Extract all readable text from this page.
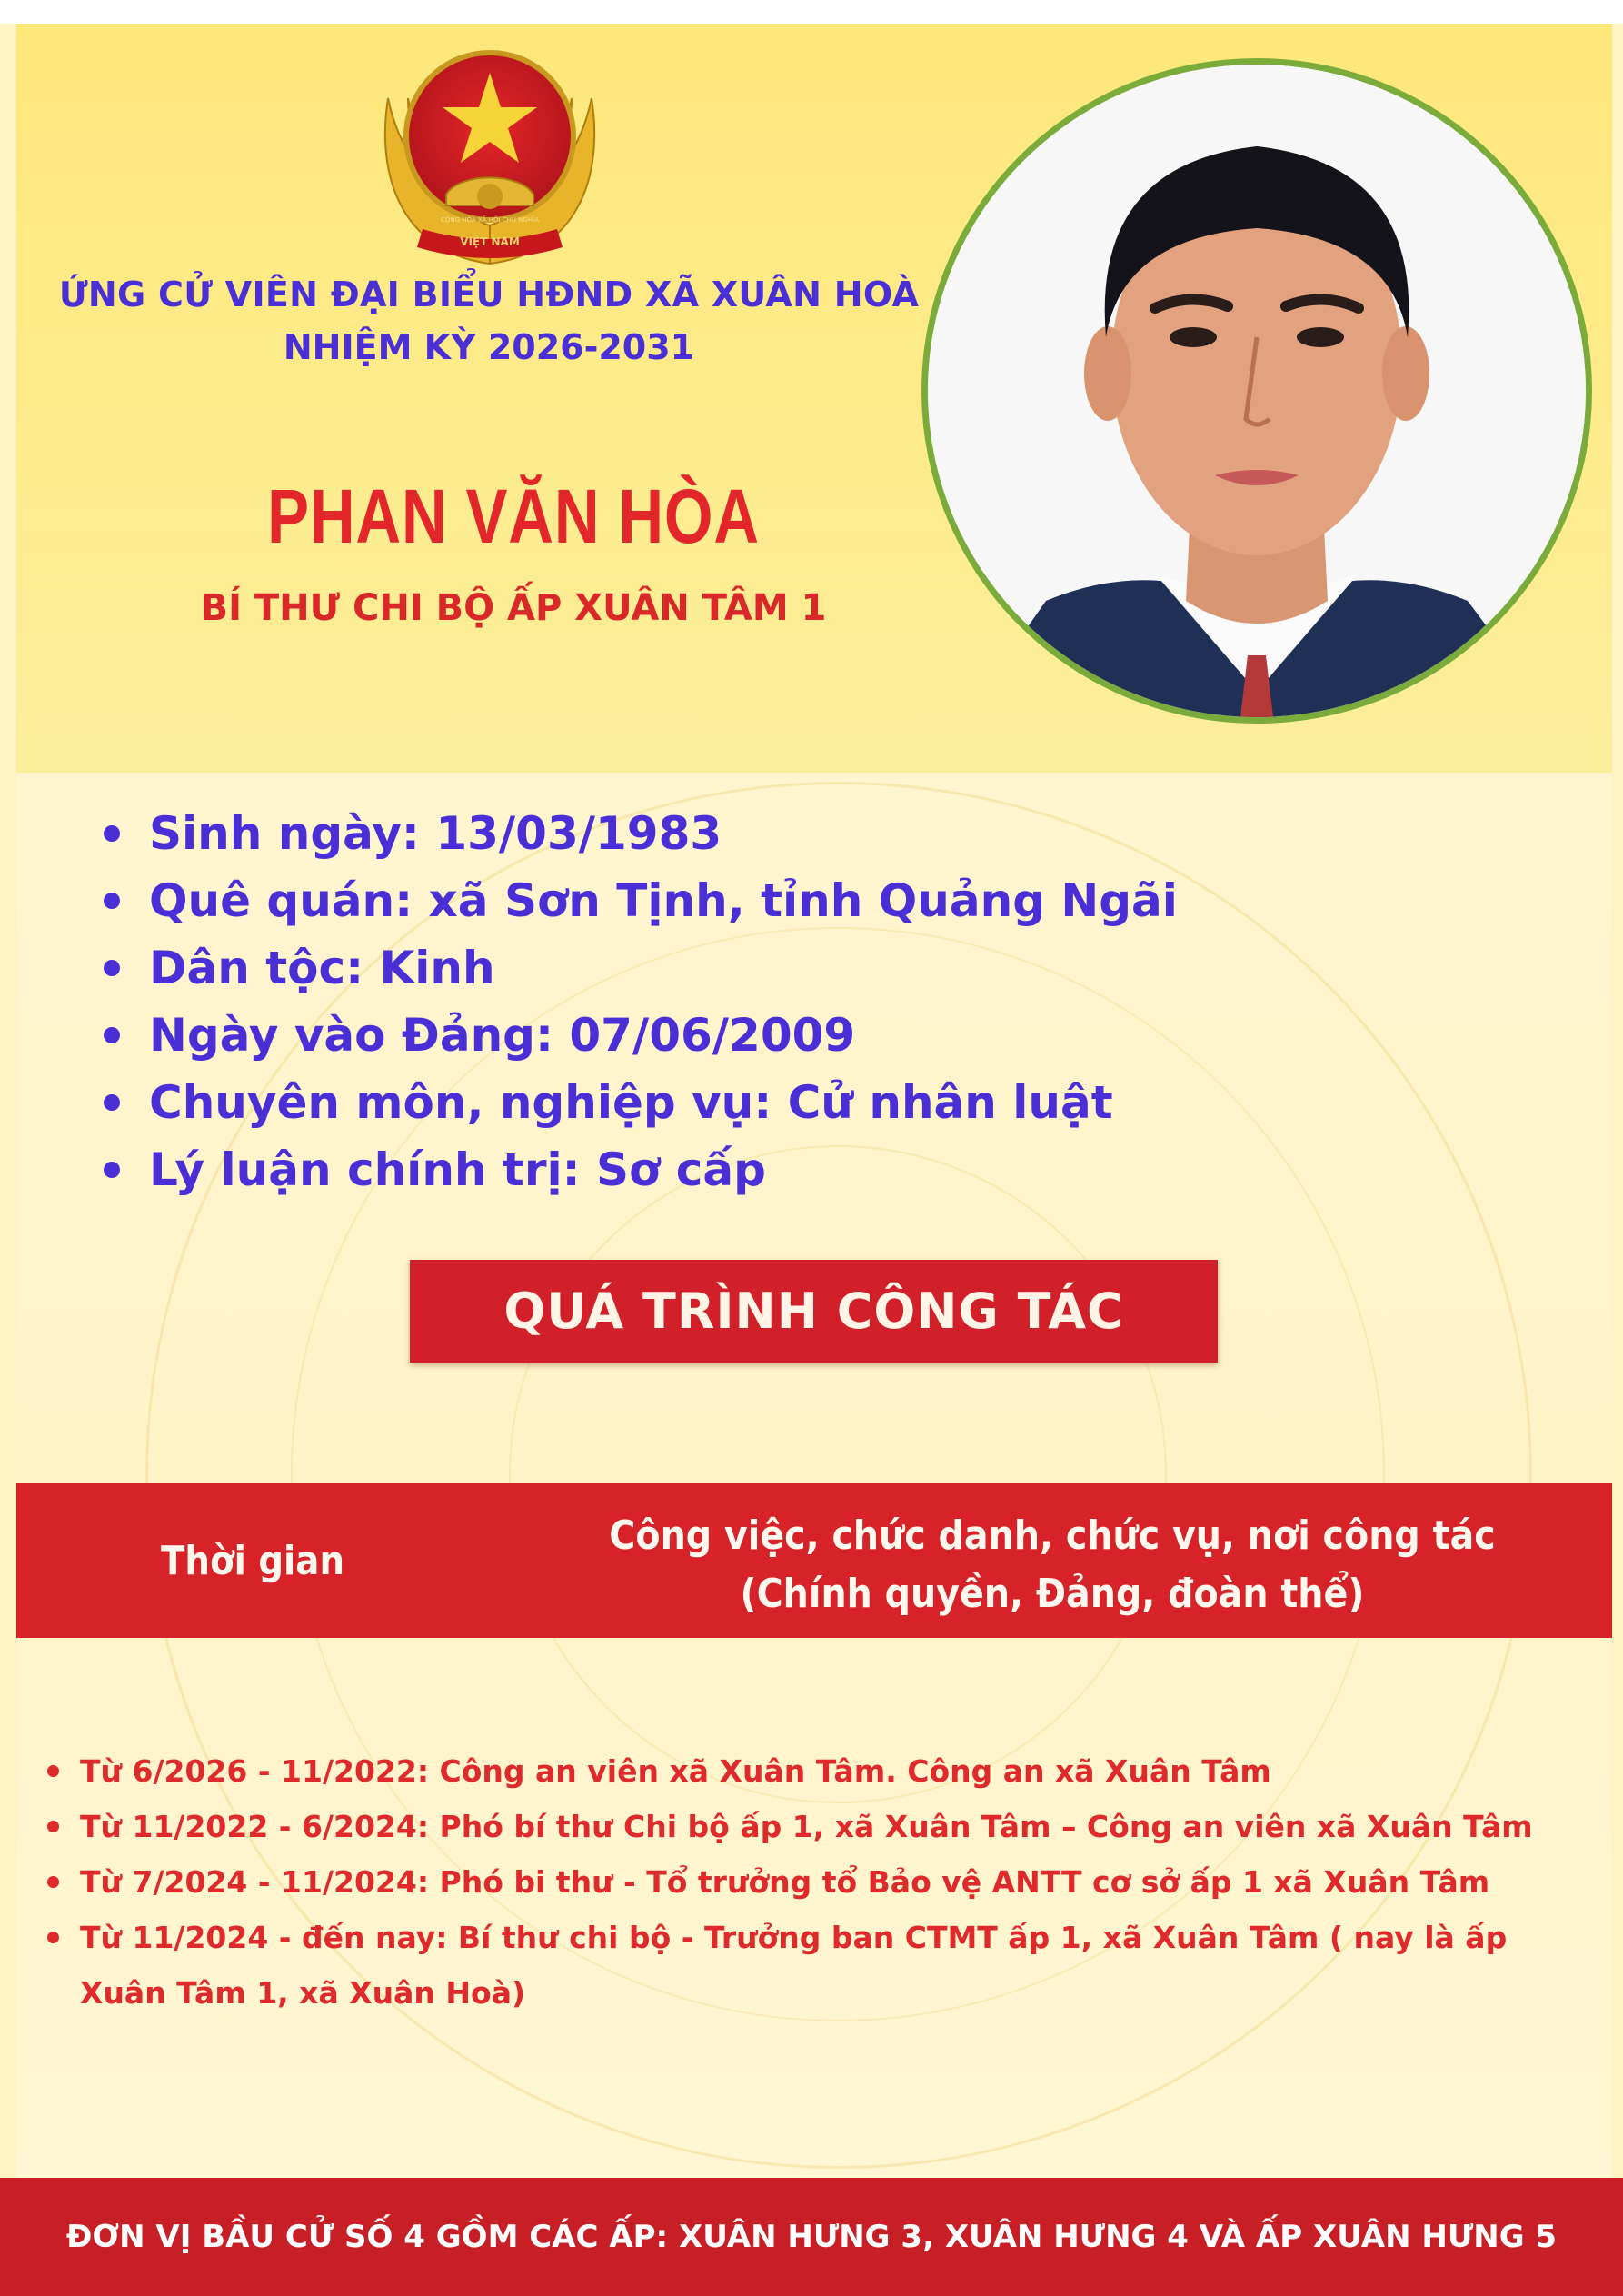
VIỆT NAM
CỘNG HÒA XÃ HỘI CHỦ NGHĨA

ỨNG CỬ VIÊN ĐẠI BIỂU HĐND XÃ XUÂN HOÀ

NHIỆM KỲ 2026-2031

PHAN VĂN HÒA

BÍ THƯ CHI BỘ ẤP XUÂN TÂM 1

Sinh ngày: 13/03/1983
Quê quán: xã Sơn Tịnh, tỉnh Quảng Ngãi
Dân tộc: Kinh
Ngày vào Đảng: 07/06/2009
Chuyên môn, nghiệp vụ: Cử nhân luật
Lý luận chính trị: Sơ cấp
QUÁ TRÌNH CÔNG TÁC
Thời gian
Công việc, chức danh, chức vụ, nơi công tác
(Chính quyền, Đảng, đoàn thể)
Từ 6/2026 - 11/2022: Công an viên xã Xuân Tâm. Công an xã Xuân Tâm
Từ 11/2022 - 6/2024: Phó bí thư Chi bộ ấp 1, xã Xuân Tâm – Công an viên xã Xuân Tâm
Từ 7/2024 - 11/2024: Phó bi thư - Tổ trưởng tổ Bảo vệ ANTT cơ sở ấp 1 xã Xuân Tâm
Từ 11/2024 - đến nay: Bí thư chi bộ - Trưởng ban CTMT ấp 1, xã Xuân Tâm ( nay là ấp Xuân Tâm 1, xã Xuân Hoà)
ĐƠN VỊ BẦU CỬ SỐ 4 GỒM CÁC ẤP: XUÂN HƯNG 3, XUÂN HƯNG 4 VÀ ẤP XUÂN HƯNG 5
